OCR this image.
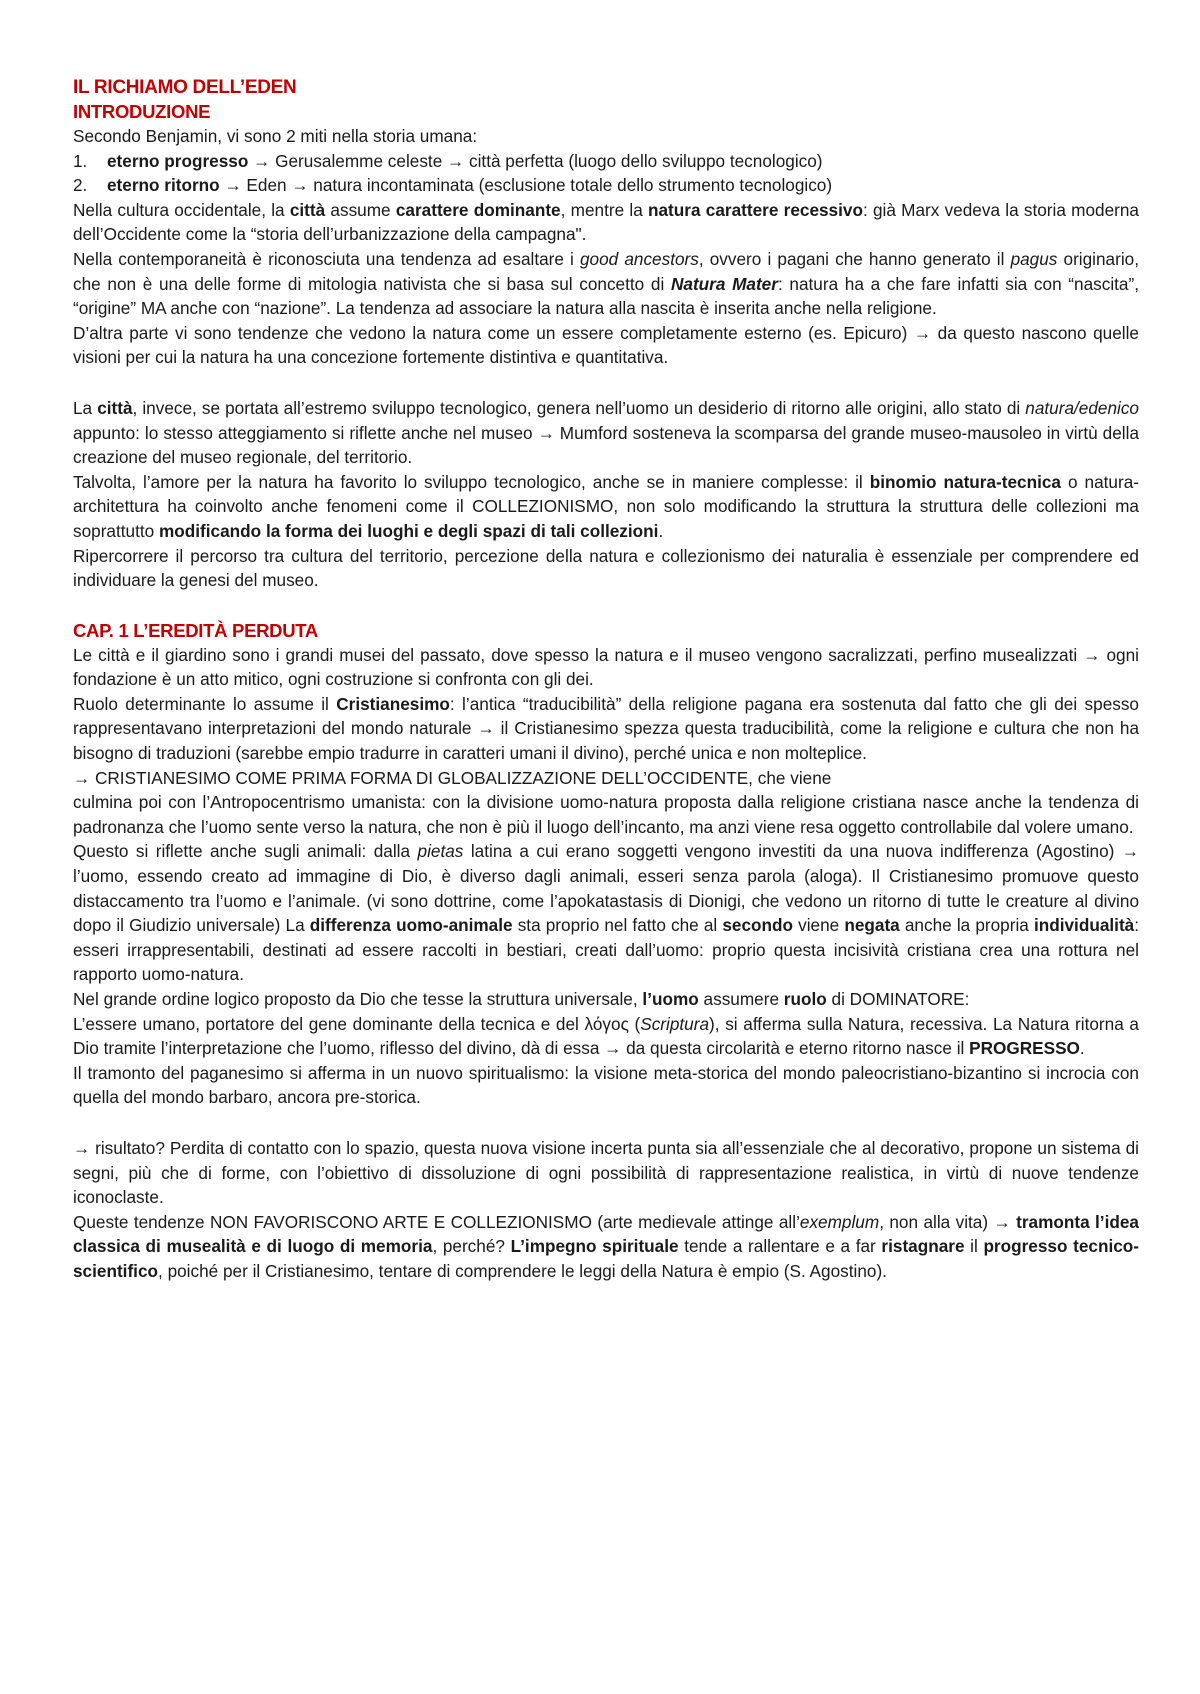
IL RICHIAMO DELL’EDEN
INTRODUZIONE

Secondo Benjamin, vi sono 2 miti nella storia umana:

1.	eterno progresso → Gerusalemme celeste → città perfetta (luogo dello sviluppo tecnologico)
2.	eterno ritorno → Eden → natura incontaminata (esclusione totale dello strumento tecnologico)

Nella cultura occidentale, la città assume carattere dominante, mentre la natura carattere recessivo: già Marx vedeva la storia moderna dell’Occidente come la “storia dell’urbanizzazione della campagna".

Nella contemporaneità è riconosciuta una tendenza ad esaltare i good ancestors, ovvero i pagani che hanno generato il pagus originario, che non è una delle forme di mitologia nativista che si basa sul concetto di Natura Mater: natura ha a che fare infatti sia con “nascita”, “origine” MA anche con “nazione”. La tendenza ad associare la natura alla nascita è inserita anche nella religione.

D’altra parte vi sono tendenze che vedono la natura come un essere completamente esterno (es. Epicuro) → da questo nascono quelle visioni per cui la natura ha una concezione fortemente distintiva e quantitativa.

La città, invece, se portata all’estremo sviluppo tecnologico, genera nell’uomo un desiderio di ritorno alle origini, allo stato di natura/edenico appunto: lo stesso atteggiamento si riflette anche nel museo → Mumford sosteneva la scomparsa del grande museo-mausoleo in virtù della creazione del museo regionale, del territorio.

Talvolta, l’amore per la natura ha favorito lo sviluppo tecnologico, anche se in maniere complesse: il binomio natura-tecnica o natura-architettura ha coinvolto anche fenomeni come il COLLEZIONISMO, non solo modificando la struttura la struttura delle collezioni ma soprattutto modificando la forma dei luoghi e degli spazi di tali collezioni.

Ripercorrere il percorso tra cultura del territorio, percezione della natura e collezionismo dei naturalia è essenziale per comprendere ed individuare la genesi del museo.

CAP. 1 L’EREDITÀ PERDUTA

Le città e il giardino sono i grandi musei del passato, dove spesso la natura e il museo vengono sacralizzati, perfino musealizzati → ogni fondazione è un atto mitico, ogni costruzione si confronta con gli dei.

Ruolo determinante lo assume il Cristianesimo: l’antica “traducibilità” della religione pagana era sostenuta dal fatto che gli dei spesso rappresentavano interpretazioni del mondo naturale → il Cristianesimo spezza questa traducibilità, come la religione e cultura che non ha bisogno di traduzioni (sarebbe empio tradurre in caratteri umani il divino), perché unica e non molteplice.

→ CRISTIANESIMO COME PRIMA FORMA DI GLOBALIZZAZIONE DELL’OCCIDENTE, che viene

culmina poi con l’Antropocentrismo umanista: con la divisione uomo-natura proposta dalla religione cristiana nasce anche la tendenza di padronanza che l’uomo sente verso la natura, che non è più il luogo dell’incanto, ma anzi viene resa oggetto controllabile dal volere umano.

Questo si riflette anche sugli animali: dalla pietas latina a cui erano soggetti vengono investiti da una nuova indifferenza (Agostino) → l’uomo, essendo creato ad immagine di Dio, è diverso dagli animali, esseri senza parola (aloga). Il Cristianesimo promuove questo distaccamento tra l’uomo e l’animale. (vi sono dottrine, come l’apokatastasis di Dionigi, che vedono un ritorno di tutte le creature al divino dopo il Giudizio universale) La differenza uomo-animale sta proprio nel fatto che al secondo viene negata anche la propria individualità: esseri irrappresentabili, destinati ad essere raccolti in bestiari, creati dall’uomo: proprio questa incisività cristiana crea una rottura nel rapporto uomo-natura.

Nel grande ordine logico proposto da Dio che tesse la struttura universale, l’uomo assumere ruolo di DOMINATORE:

L’essere umano, portatore del gene dominante della tecnica e del λόγος (Scriptura), si afferma sulla Natura, recessiva. La Natura ritorna a Dio tramite l’interpretazione che l’uomo, riflesso del divino, dà di essa → da questa circolarità e eterno ritorno nasce il PROGRESSO.

Il tramonto del paganesimo si afferma in un nuovo spiritualismo: la visione meta-storica del mondo paleocristiano-bizantino si incrocia con quella del mondo barbaro, ancora pre-storica.

→ risultato? Perdita di contatto con lo spazio, questa nuova visione incerta punta sia all’essenziale che al decorativo, propone un sistema di segni, più che di forme, con l’obiettivo di dissoluzione di ogni possibilità di rappresentazione realistica, in virtù di nuove tendenze iconoclaste.

Queste tendenze NON FAVORISCONO ARTE E COLLEZIONISMO (arte medievale attinge all’exemplum, non alla vita) → tramonta l’idea classica di musealità e di luogo di memoria, perché? L’impegno spirituale tende a rallentare e a far ristagnare il progresso tecnico-scientifico, poiché per il Cristianesimo, tentare di comprendere le leggi della Natura è empio (S. Agostino).
